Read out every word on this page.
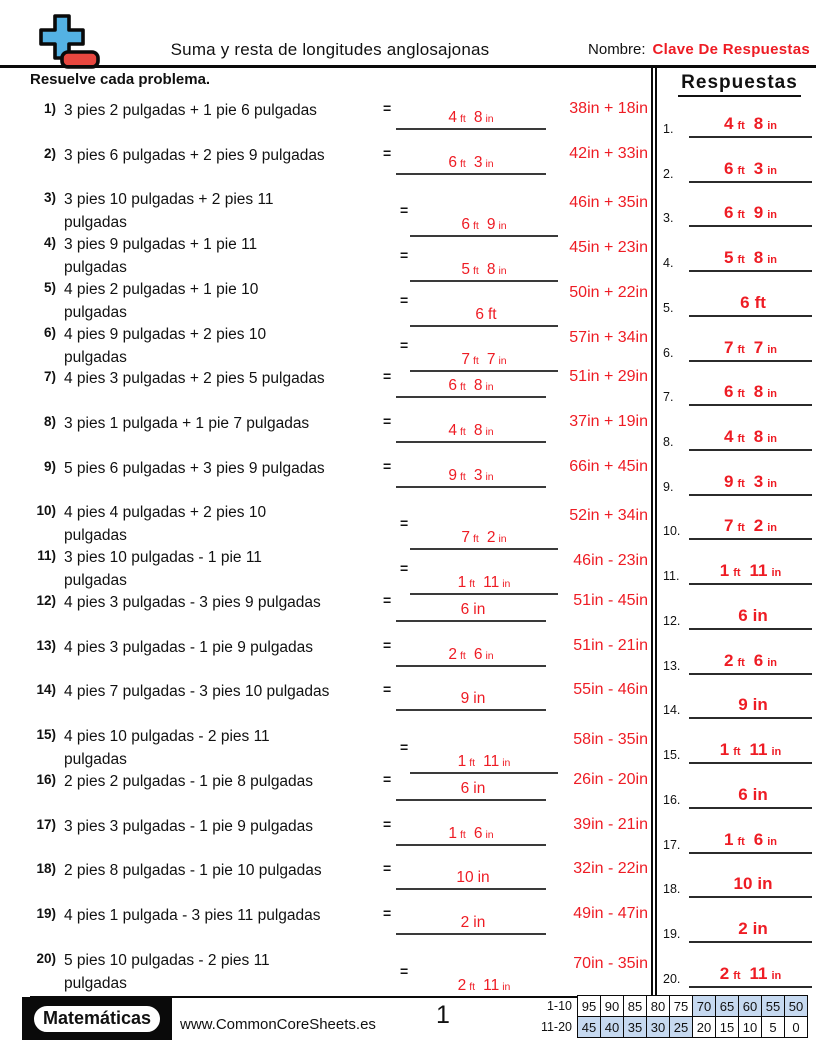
Suma y resta de longitudes anglosajonas	Nombre: Clave De Respuestas
Resuelve cada problema.
1) 3 pies 2 pulgadas + 1 pie 6 pulgadas	=
4 ft 8 in
38in + 18in
2) 3 pies 6 pulgadas + 2 pies 9 pulgadas	=
6 ft 3 in
42in + 33in
3) 3 pies 10 pulgadas + 2 pies 11
pulgadas
=
6 ft 9 in
46in + 35in
4) 3 pies 9 pulgadas + 1 pie 11
pulgadas
=
5 ft 8 in
45in + 23in
5) 4 pies 2 pulgadas + 1 pie 10
pulgadas
=
6 ft
50in + 22in
6) 4 pies 9 pulgadas + 2 pies 10
pulgadas
=
7 ft 7 in
57in + 34in
7) 4 pies 3 pulgadas + 2 pies 5 pulgadas	=
6 ft 8 in
51in + 29in
8) 3 pies 1 pulgada + 1 pie 7 pulgadas	=
4 ft 8 in
37in + 19in
9) 5 pies 6 pulgadas + 3 pies 9 pulgadas	=
9 ft 3 in
66in + 45in
10) 4 pies 4 pulgadas + 2 pies 10
pulgadas
=
7 ft 2 in
52in + 34in
11) 3 pies 10 pulgadas - 1 pie 11
pulgadas
=
1 ft 11 in
46in - 23in
12) 4 pies 3 pulgadas - 3 pies 9 pulgadas	=
6 in
51in - 45in
13) 4 pies 3 pulgadas - 1 pie 9 pulgadas	=
2 ft 6 in
51in - 21in
14) 4 pies 7 pulgadas - 3 pies 10 pulgadas	=
9 in
55in - 46in
15) 4 pies 10 pulgadas - 2 pies 11
pulgadas
=
1 ft 11 in
58in - 35in
16) 2 pies 2 pulgadas - 1 pie 8 pulgadas	=
6 in
26in - 20in
17) 3 pies 3 pulgadas - 1 pie 9 pulgadas	=
1 ft 6 in
39in - 21in
18) 2 pies 8 pulgadas - 1 pie 10 pulgadas	=
10 in
32in - 22in
19) 4 pies 1 pulgada - 3 pies 11 pulgadas	=
2 in
49in - 47in
20) 5 pies 10 pulgadas - 2 pies 11
pulgadas
=
2 ft 11 in
70in - 35in
Respuestas
1.	4 ft 8 in
2.	6 ft 3 in
3.	6 ft 9 in
4.	5 ft 8 in
5.	6 ft
6.	7 ft 7 in
7.	6 ft 8 in
8.	4 ft 8 in
9.	9 ft 3 in
10.	7 ft 2 in
11.	1 ft 11 in
12.	6 in
13.	2 ft 6 in
14.	9 in
15.	1 ft 11 in
16.	6 in
17.	1 ft 6 in
18.	10 in
19.	2 in
20.	2 ft 11 in
Matemáticas	www.CommonCoreSheets.es	1	1-10	95	90	85	80	75	70	65	60	55	50
11-20	45	40	35	30	25	20	15	10	5	0
